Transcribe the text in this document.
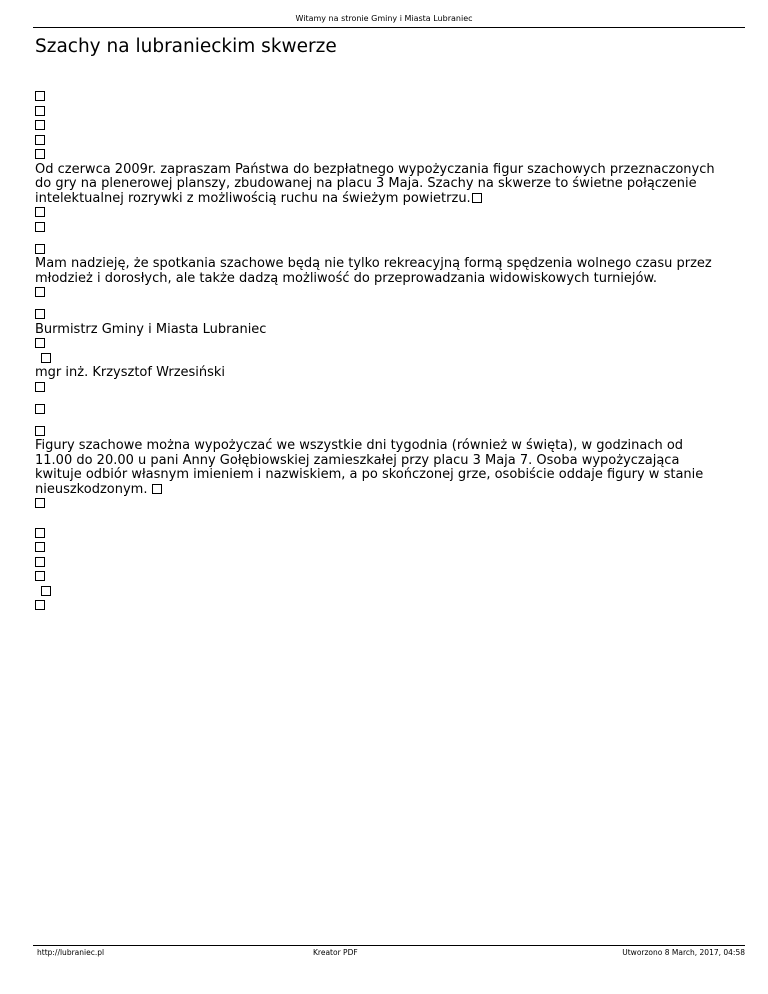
Witamy na stronie Gminy i Miasta Lubraniec
Szachy na lubranieckim skwerze
Od czerwca 2009r. zapraszam Państwa do bezpłatnego wypożyczania figur szachowych przeznaczonych do gry na plenerowej planszy, zbudowanej na placu 3 Maja. Szachy na skwerze to świetne połączenie intelektualnej rozrywki z możliwością ruchu na świeżym powietrzu.
Mam nadzieję, że spotkania szachowe będą nie tylko rekreacyjną formą spędzenia wolnego czasu przez młodzież i dorosłych, ale także dadzą możliwość do przeprowadzania widowiskowych turniejów.
Burmistrz Gminy i Miasta Lubraniec
mgr inż. Krzysztof Wrzesiński
Figury szachowe można wypożyczać we wszystkie dni tygodnia (również w święta), w godzinach od 11.00 do 20.00 u pani Anny Gołębiowskiej zamieszkałej przy placu 3 Maja 7. Osoba wypożyczająca kwituje odbiór własnym imieniem i nazwiskiem, a po skończonej grze, osobiście oddaje figury w stanie nieuszkodzonym.
http://lubraniec.pl	Kreator PDF	Utworzono 8 March, 2017, 04:58
